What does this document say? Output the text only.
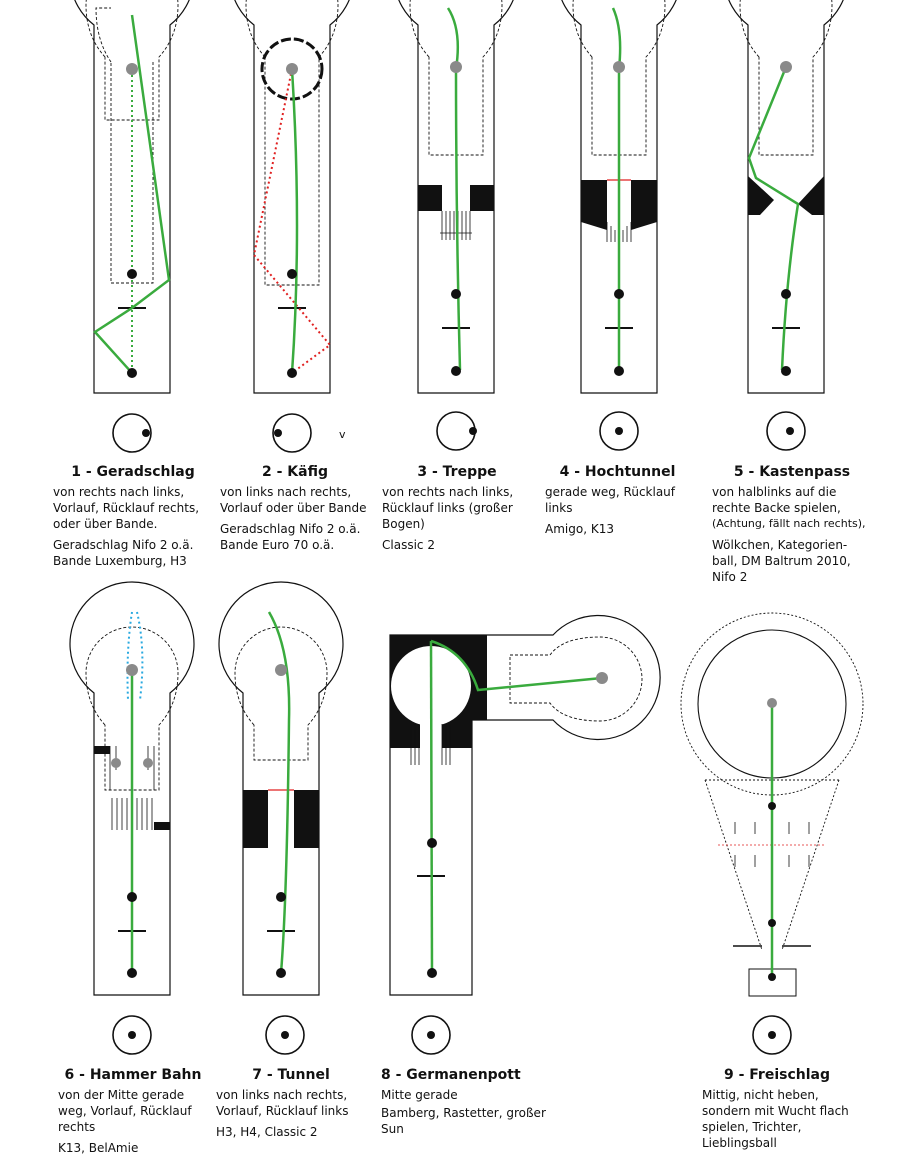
v
1 - Geradschlag

von rechts nach links, Vorlauf, Rücklauf rechts, oder über Bande.

Geradschlag Nifo 2 o.ä. Bande Luxemburg, H3

2 - Käfig

von links nach rechts, Vorlauf oder über Bande

Geradschlag Nifo 2 o.ä. Bande Euro 70 o.ä.

3 - Treppe

von rechts nach links, Rücklauf links (großer Bogen)

Classic 2

4 - Hochtunnel

gerade weg, Rücklauf links

Amigo, K13

5 - Kastenpass

von halblinks auf die rechte Backe spielen,

(Achtung, fällt nach rechts),

Wölkchen, Kategorien-ball, DM Baltrum 2010, Nifo 2

6 - Hammer Bahn

von der Mitte gerade weg, Vorlauf, Rücklauf rechts

K13, BelAmie

7 - Tunnel

von links nach rechts, Vorlauf, Rücklauf links

H3, H4, Classic 2

8 - Germanenpott

Mitte gerade

Bamberg, Rastetter, großer Sun

9 - Freischlag

Mittig, nicht heben, sondern mit Wucht flach spielen, Trichter,

Lieblingsball
